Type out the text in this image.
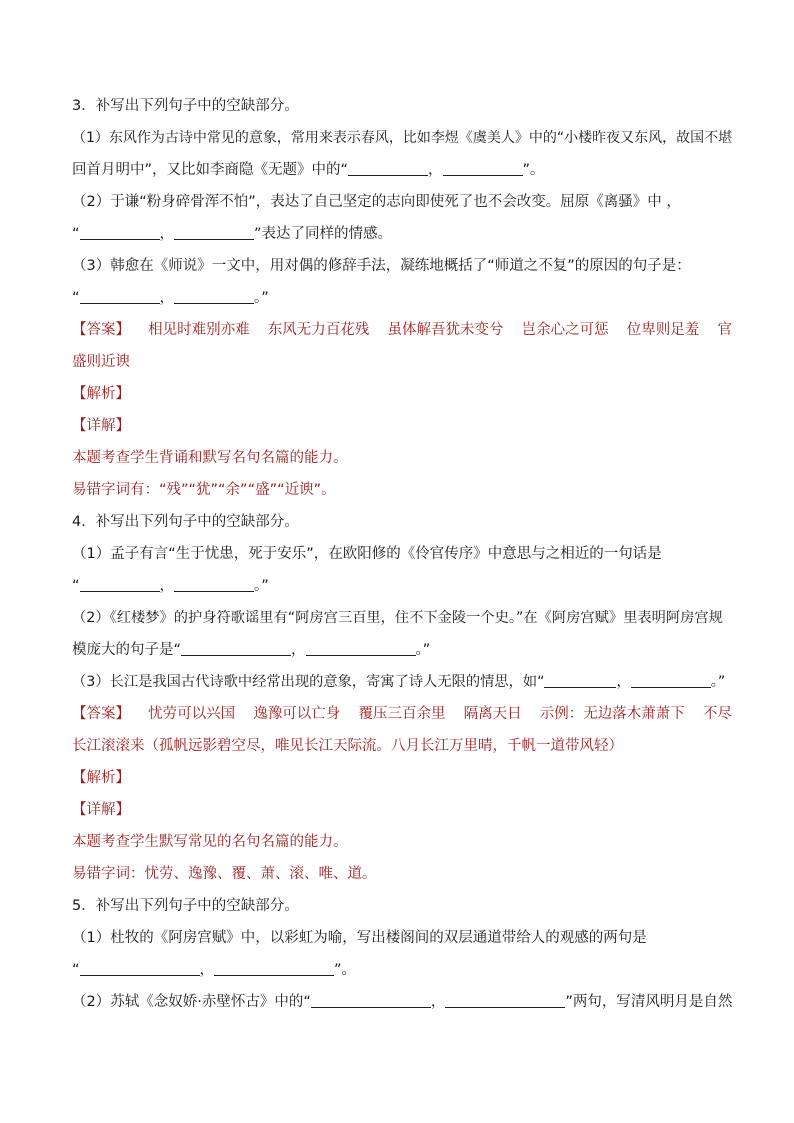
3．补写出下列句子中的空缺部分。
（1）东风作为古诗中常见的意象，常用来表示春风，比如李煜《虞美人》中的“小楼昨夜又东风，故国不堪
回首月明中”，又比如李商隐《无题》中的“	，	”。
（2）于谦“粉身碎骨浑不怕”，表达了自己坚定的志向即使死了也不会改变。屈原《离骚》中 ，
“	，	”表达了同样的情感。
（3）韩愈在《师说》一文中，用对偶的修辞手法，凝练地概括了“师道之不复”的原因的句子是：
“	，	。”
【答案】 相见时难别亦难 东风无力百花残 虽体解吾犹未变兮 岂余心之可惩 位卑则足羞 官
盛则近谀
【解析】
【详解】
本题考查学生背诵和默写名句名篇的能力。
易错字词有：“残”“犹”“余”“盛”“近谀”。
4．补写出下列句子中的空缺部分。
（1）孟子有言“生于忧患，死于安乐”，在欧阳修的《伶官传序》中意思与之相近的一句话是
“	，	。”
（2）《红楼梦》的护身符歌谣里有“阿房宫三百里，住不下金陵一个史。”在《阿房宫赋》里表明阿房宫规
模庞大的句子是“	，	。”
（3）长江是我国古代诗歌中经常出现的意象，寄寓了诗人无限的情思，如“	，	。”
【答案】 忧劳可以兴国 逸豫可以亡身 覆压三百余里 隔离天日 示例：无边落木萧萧下 不尽
长江滚滚来（孤帆远影碧空尽，唯见长江天际流。八月长江万里晴，千帆一道带风轻）
【解析】
【详解】
本题考查学生默写常见的名句名篇的能力。
易错字词：忧劳、逸豫、覆、萧、滚、唯、道。
5．补写出下列句子中的空缺部分。
（1）杜牧的《阿房宫赋》中，以彩虹为喻，写出楼阁间的双层通道带给人的观感的两句是
“	，	”。
（2）苏轼《念奴娇·赤壁怀古》中的“	，	”两句，写清风明月是自然
